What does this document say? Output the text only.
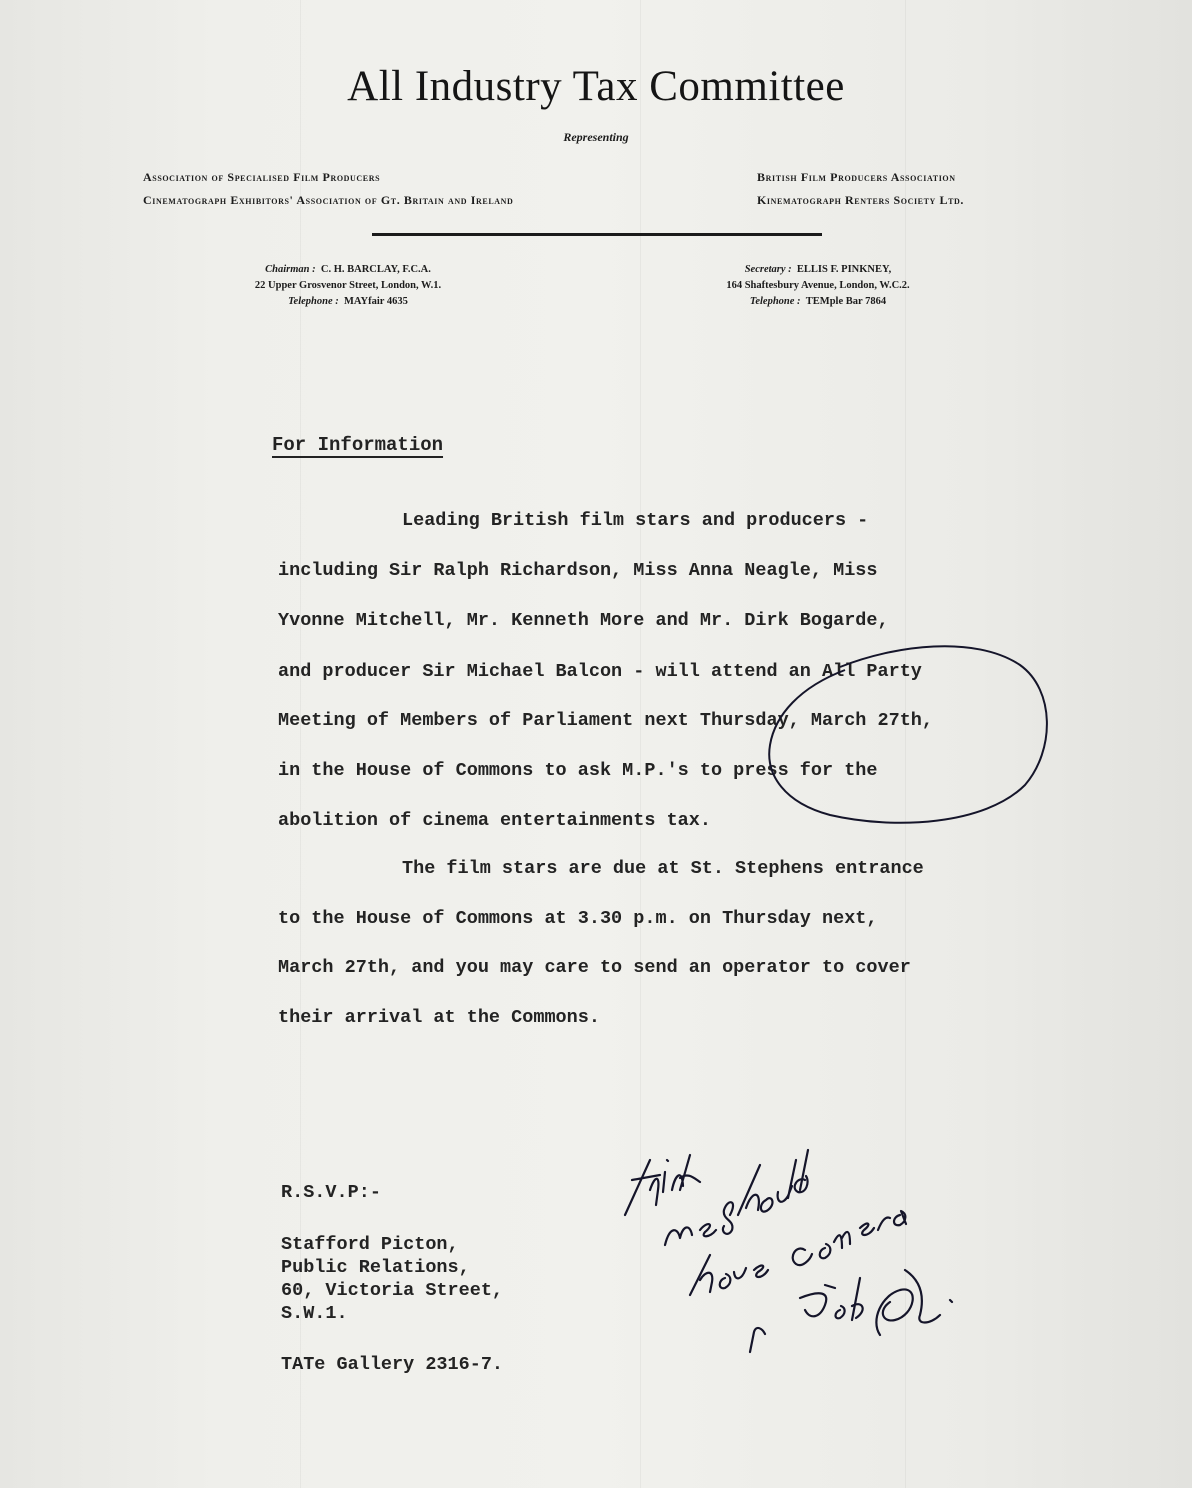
All Industry Tax Committee
Representing
Association of Specialised Film Producers
Cinematograph Exhibitors' Association of Gt. Britain and Ireland
British Film Producers Association
Kinematograph Renters Society Ltd.
Chairman : C. H. BARCLAY, F.C.A.
22 Upper Grosvenor Street, London, W.1.
Telephone : MAYfair 4635
Secretary : ELLIS F. PINKNEY,
164 Shaftesbury Avenue, London, W.C.2.
Telephone : TEMple Bar 7864
For Information
Leading British film stars and producers -
including Sir Ralph Richardson, Miss Anna Neagle, Miss
Yvonne Mitchell, Mr. Kenneth More and Mr. Dirk Bogarde,
and producer Sir Michael Balcon - will attend an All Party
Meeting of Members of Parliament next Thursday, March 27th,
in the House of Commons to ask M.P.'s to press for the
abolition of cinema entertainments tax.
The film stars are due at St. Stephens entrance
to the House of Commons at 3.30 p.m. on Thursday next,
March 27th, and you may care to send an operator to cover
their arrival at the Commons.
R.S.V.P:-
Stafford Picton,
Public Relations,
60, Victoria Street,
S.W.1.
TATe Gallery 2316-7.
